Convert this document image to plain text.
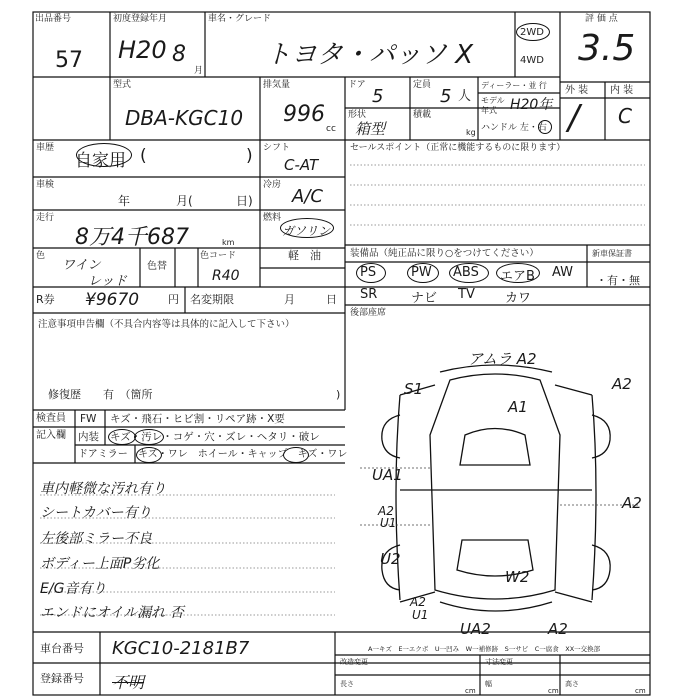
出品番号
57
初度登録年月
H20 8
月
車名・グレード
トヨタ・パッソ X
2WD
4WD
評 価 点
3.5
型式
DBA-KGC10
排気量
996
cc
ドア
5
定員
5 人
ディーラー・並 行
モデル 年式 H20年
ハンドル 左・右
形状
箱型
積載
kg
外 装 内 装
/ C
車歴
自家用 (	) シフト
C-AT
セールスポイント（正常に機能するものに限ります）
車検
年	月(	日)
冷房
A/C
走行
8万4千687	km
燃料
ガソリン
軽　油
色
ワイン
レッド
色替
色コード
R40
装備品（純正品に限り○をつけてください）	新車保証書
・有・無
PS	PW ABS エアB AW
SR	ナビ TV カワ
R券 ¥9670	円 名変期限	月	日
後部座席
注意事項申告欄（不具合内容等は具体的に記入して下さい）
修復歴　　有　（箇所	)
検査員
記入欄
FW キズ・飛石・ヒビ割・リペア跡・X要
内装 キズ・汚レ・コゲ・穴・ズレ・ヘタリ・破レ
ドアミラー キズ・ワレ　ホイール・キャップ　キズ・ワレ
車内軽微な汚れ有り
シートカバー有り
左後部ミラー不良
ボディー上面P劣化
E/G音有り
エンドにオイル漏れ 否
アムラ A2
S1	A2
A1
UA1
A2
A2
U1
U2
W2
A2
U1
UA2	A2
A一キズ　E一エクボ　U一凹み　W一補修跡　S一サビ　C一腐食　XX一交換部
車台番号 KGC10-2181B7
登録番号 不明
改造変更	寸法変更
長さ
cm
幅
cm
高さ
cm
